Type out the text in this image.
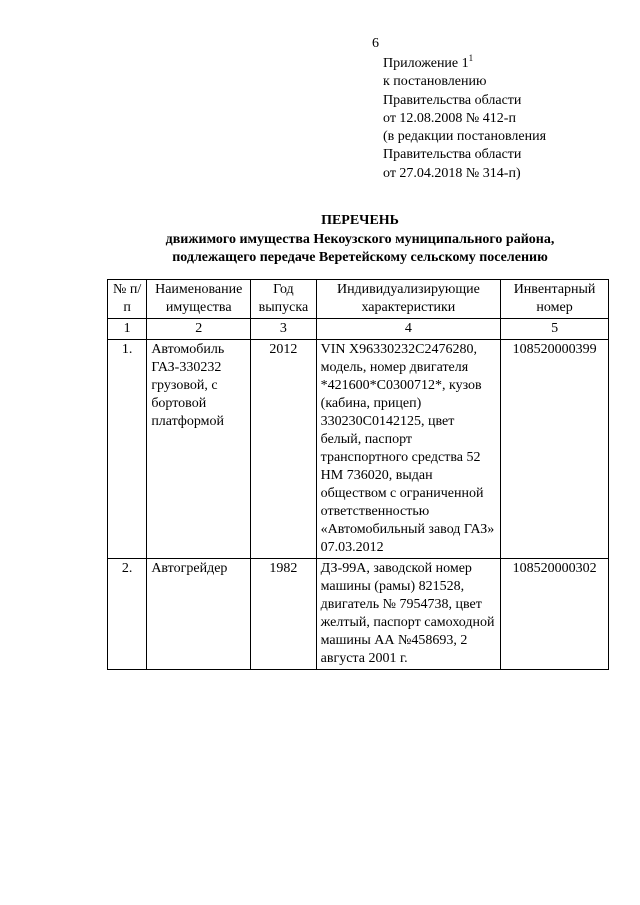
6
Приложение $1^1$
к постановлению
Правительства области
от 12.08.2008 № 412-п
(в редакции постановления
Правительства области
от 27.04.2018 № 314-п)
ПЕРЕЧЕНЬ
движимого имущества Некоузского муниципального района,
подлежащего передаче Веретейскому сельскому поселению
№ п/п	Наименование имущества	Год выпуска	Индивидуализирующие характеристики	Инвентарный номер
1	2	3	4	5
1.	Автомобиль ГАЗ-330232 грузовой, с бортовой платформой	2012	VIN X96330232C2476280, модель, номер двигателя *421600*C0300712*, кузов (кабина, прицеп) 330230C0142125, цвет белый, паспорт транспортного средства 52 НМ 736020, выдан обществом с ограниченной ответственностью «Автомобильный завод ГАЗ» 07.03.2012	108520000399
2.	Автогрейдер	1982	ДЗ-99А, заводской номер машины (рамы) 821528, двигатель № 7954738, цвет желтый, паспорт самоходной машины АА №458693, 2 августа 2001 г.	108520000302
